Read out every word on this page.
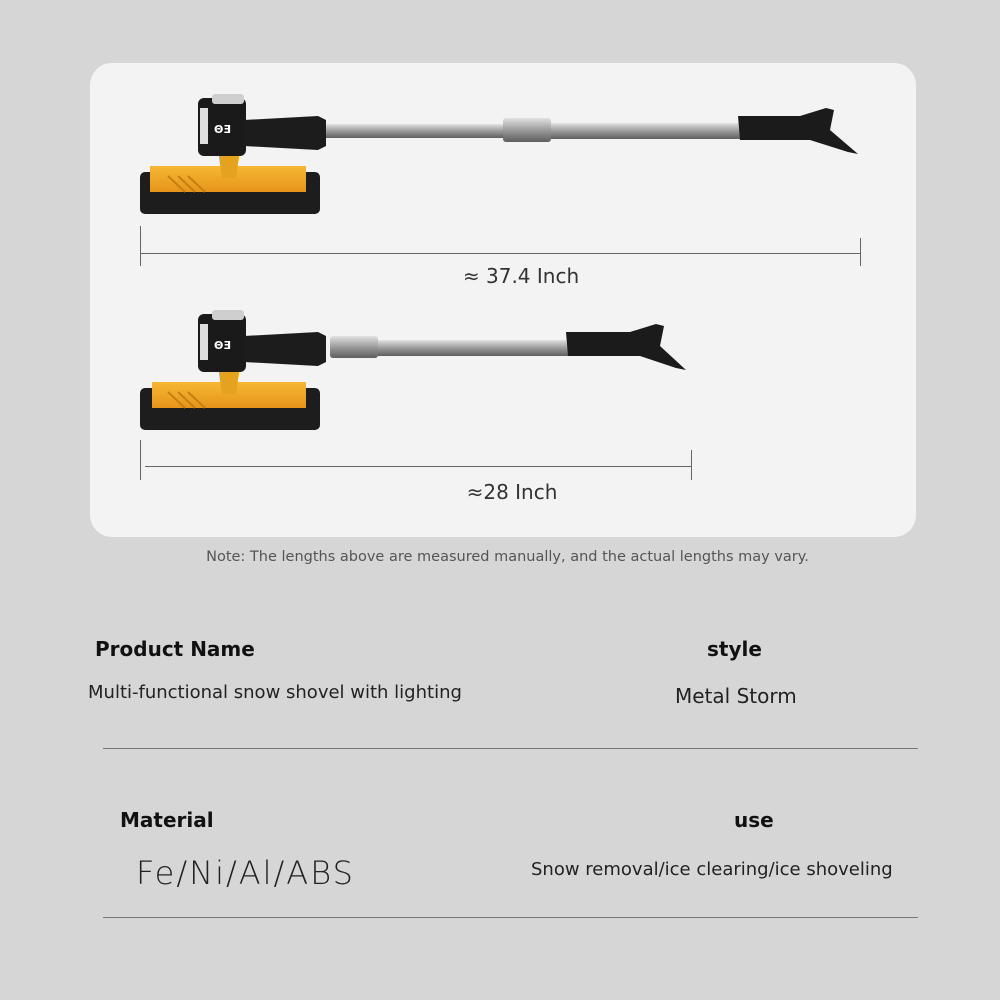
ΘƎ
ΘƎ
≈ 37.4 Inch
≈28 Inch
Note: The lengths above are measured manually, and the actual lengths may vary.
Product Name
Multi-functional snow shovel with lighting
style
Metal Storm
Material
Fe/Ni/Al/ABS
use
Snow removal/ice clearing/ice shoveling
